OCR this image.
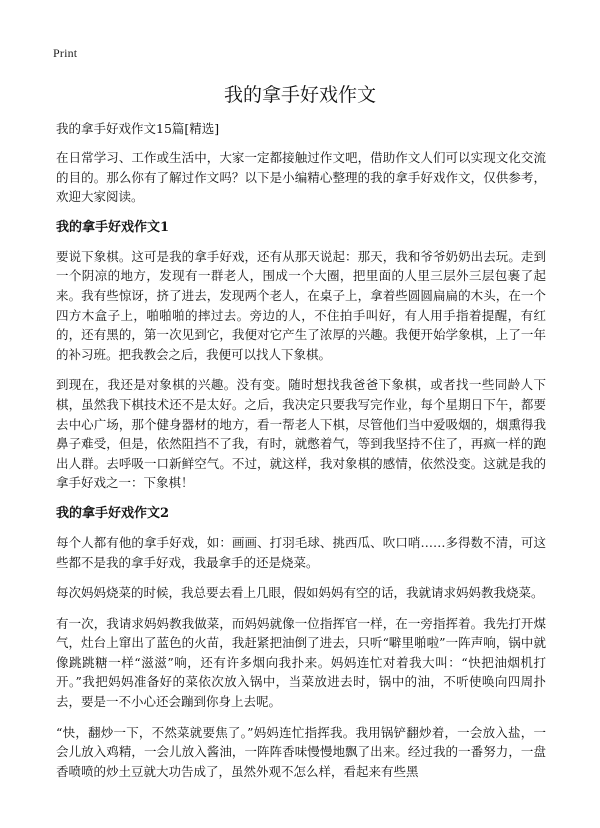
Print
我的拿手好戏作文
我的拿手好戏作文15篇[精选]

在日常学习、工作或生活中，大家一定都接触过作文吧，借助作文人们可以实现文化交流的目的。那么你有了解过作文吗？以下是小编精心整理的我的拿手好戏作文，仅供参考，欢迎大家阅读。

我的拿手好戏作文1

要说下象棋。这可是我的拿手好戏，还有从那天说起：那天，我和爷爷奶奶出去玩。走到一个阴凉的地方，发现有一群老人，围成一个大圈，把里面的人里三层外三层包裹了起来。我有些惊讶，挤了进去，发现两个老人，在桌子上，拿着些圆圆扁扁的木头，在一个四方木盒子上，啪啪啪的摔过去。旁边的人，不住拍手叫好，有人用手指着提醒，有红的，还有黑的，第一次见到它，我便对它产生了浓厚的兴趣。我便开始学象棋，上了一年的补习班。把我教会之后，我便可以找人下象棋。

到现在，我还是对象棋的兴趣。没有变。随时想找我爸爸下象棋，或者找一些同龄人下棋，虽然我下棋技术还不是太好。之后，我决定只要我写完作业，每个星期日下午，都要去中心广场，那个健身器材的地方，看一帮老人下棋，尽管他们当中爱吸烟的，烟熏得我鼻子难受，但是，依然阻挡不了我，有时，就憋着气，等到我坚持不住了，再疯一样的跑出人群。去呼吸一口新鲜空气。不过，就这样，我对象棋的感情，依然没变。这就是我的拿手好戏之一：下象棋！

我的拿手好戏作文2

每个人都有他的拿手好戏，如：画画、打羽毛球、挑西瓜、吹口哨……多得数不清，可这些都不是我的拿手好戏，我最拿手的还是烧菜。

每次妈妈烧菜的时候，我总要去看上几眼，假如妈妈有空的话，我就请求妈妈教我烧菜。

有一次，我请求妈妈教我做菜，而妈妈就像一位指挥官一样，在一旁指挥着。我先打开煤气，灶台上窜出了蓝色的火苗，我赶紧把油倒了进去，只听“噼里啪啦”一阵声响，锅中就像跳跳糖一样“滋滋”响，还有许多烟向我扑来。妈妈连忙对着我大叫：“快把油烟机打开。”我把妈妈准备好的菜依次放入锅中，当菜放进去时，锅中的油，不听使唤向四周扑去，要是一不小心还会蹦到你身上去呢。

“快，翻炒一下，不然菜就要焦了。”妈妈连忙指挥我。我用锅铲翻炒着，一会放入盐，一会儿放入鸡精，一会儿放入酱油，一阵阵香味慢慢地飘了出来。经过我的一番努力，一盘香喷喷的炒土豆就大功告成了，虽然外观不怎么样，看起来有些黑
